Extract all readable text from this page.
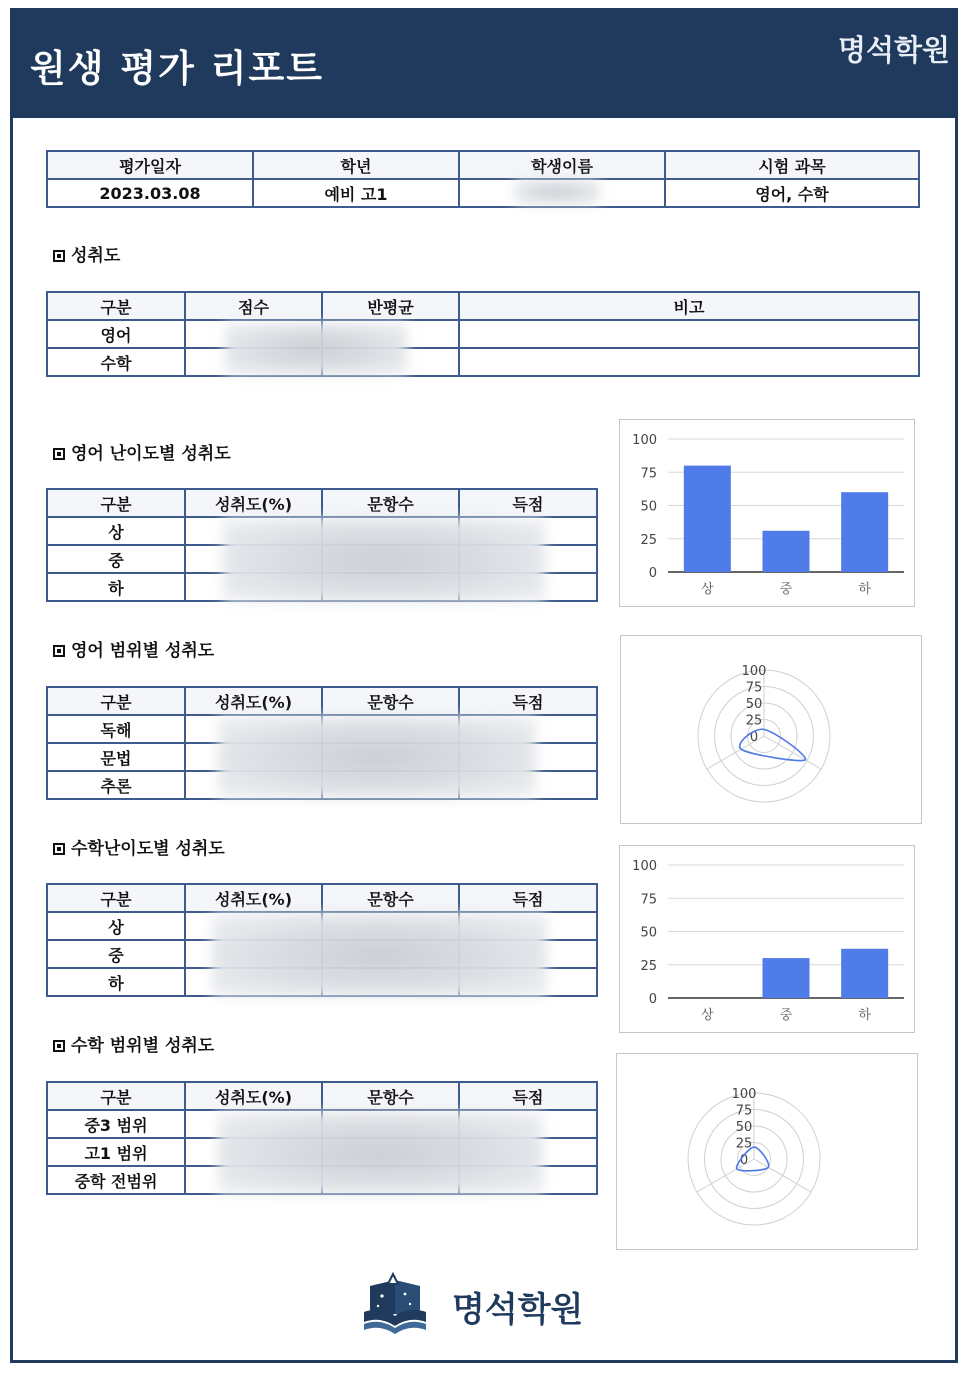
원생 평가 리포트	명석학원
평가일자	학년	학생이름	시험 과목
2023.03.08	예비 고1		영어, 수학
성취도
구분	점수	반평균	비고
영어			
수학			
영어 난이도별 성취도
구분	성취도(%)	문항수	득점
상			
중			
하			
영어 범위별 성취도
구분	성취도(%)	문항수	득점
독해			
문법			
추론			
수학난이도별 성취도
구분	성취도(%)	문항수	득점
상			
중			
하			
수학 범위별 성취도
구분	성취도(%)	문항수	득점
중3 범위			
고1 범위			
중학 전범위			
100
75
50
25
0
상	중	하
100
75
50
25
0
100
75
50
25
0
상	중	하
100
75
50
25
0
명석학원
